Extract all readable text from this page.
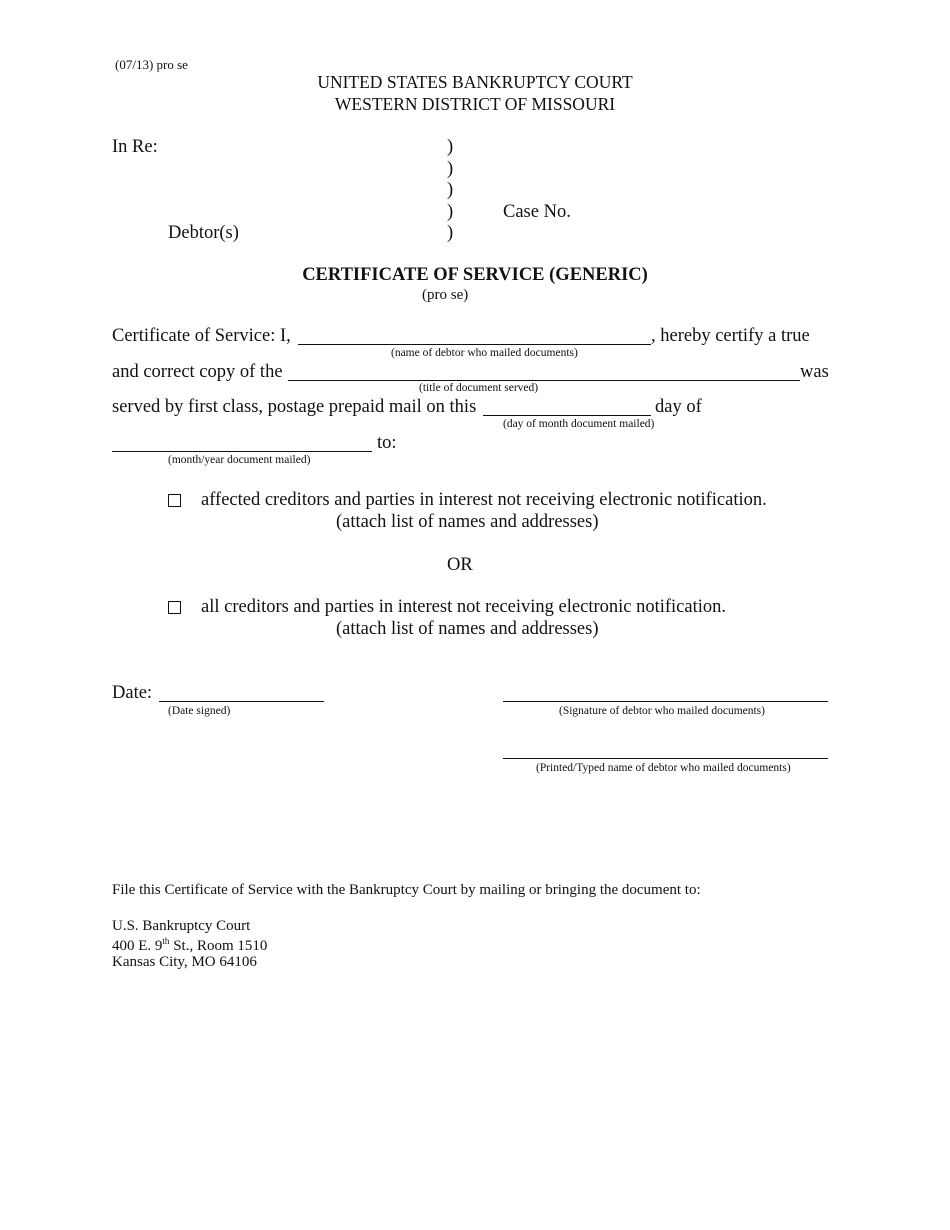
(07/13) pro se
UNITED STATES BANKRUPTCY COURT
WESTERN DISTRICT OF MISSOURI
In Re:	)
)
)
)
)
Case No.
Debtor(s)
CERTIFICATE OF SERVICE (GENERIC)
(pro se)
Certificate of Service: I,	, hereby certify a true
(name of debtor who mailed documents)
and correct copy of the	was
(title of document served)
served by first class, postage prepaid mail on this	day of
(day of month document mailed)
to:
(month/year document mailed)
affected creditors and parties in interest not receiving electronic notification.
(attach list of names and addresses)
OR
all creditors and parties in interest not receiving electronic notification.
(attach list of names and addresses)
Date:
(Date signed)	(Signature of debtor who mailed documents)
(Printed/Typed name of debtor who mailed documents)
File this Certificate of Service with the Bankruptcy Court by mailing or bringing the document to:
U.S. Bankruptcy Court
400 E. 9th St., Room 1510
Kansas City, MO 64106
